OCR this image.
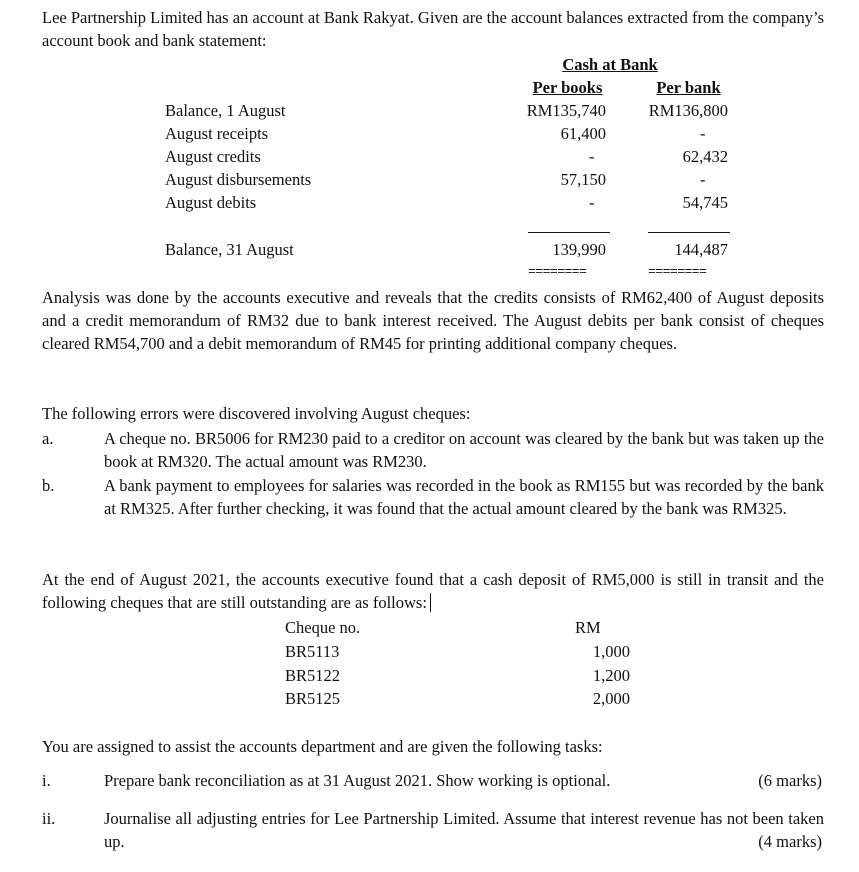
Lee Partnership Limited has an account at Bank Rakyat. Given are the account balances extracted from the company’s account book and bank statement:
Cash at Bank
Per books	Per bank
Balance, 1 August	RM135,740	RM136,800
August receipts	61,400	-
August credits	-	62,432
August disbursements	57,150	-
August debits	-	54,745
Balance, 31 August	139,990	144,487
========	========
Analysis was done by the accounts executive and reveals that the credits consists of RM62,400 of August deposits and a credit memorandum of RM32 due to bank interest received. The August debits per bank consist of cheques cleared RM54,700 and a debit memorandum of RM45 for printing additional company cheques.
The following errors were discovered involving August cheques:
a.	A cheque no. BR5006 for RM230 paid to a creditor on account was cleared by the bank but was taken up the book at RM320. The actual amount was RM230.
b.	A bank payment to employees for salaries was recorded in the book as RM155 but was recorded by the bank at RM325. After further checking, it was found that the actual amount cleared by the bank was RM325.
At the end of August 2021, the accounts executive found that a cash deposit of RM5,000 is still in transit and the following cheques that are still outstanding are as follows:
Cheque no.	RM
BR5113	1,000
BR5122	1,200
BR5125	2,000
You are assigned to assist the accounts department and are given the following tasks:
i.	Prepare bank reconciliation as at 31 August 2021. Show working is optional.	(6 marks)
ii.	Journalise all adjusting entries for Lee Partnership Limited. Assume that interest revenue has not been taken up.	(4 marks)
